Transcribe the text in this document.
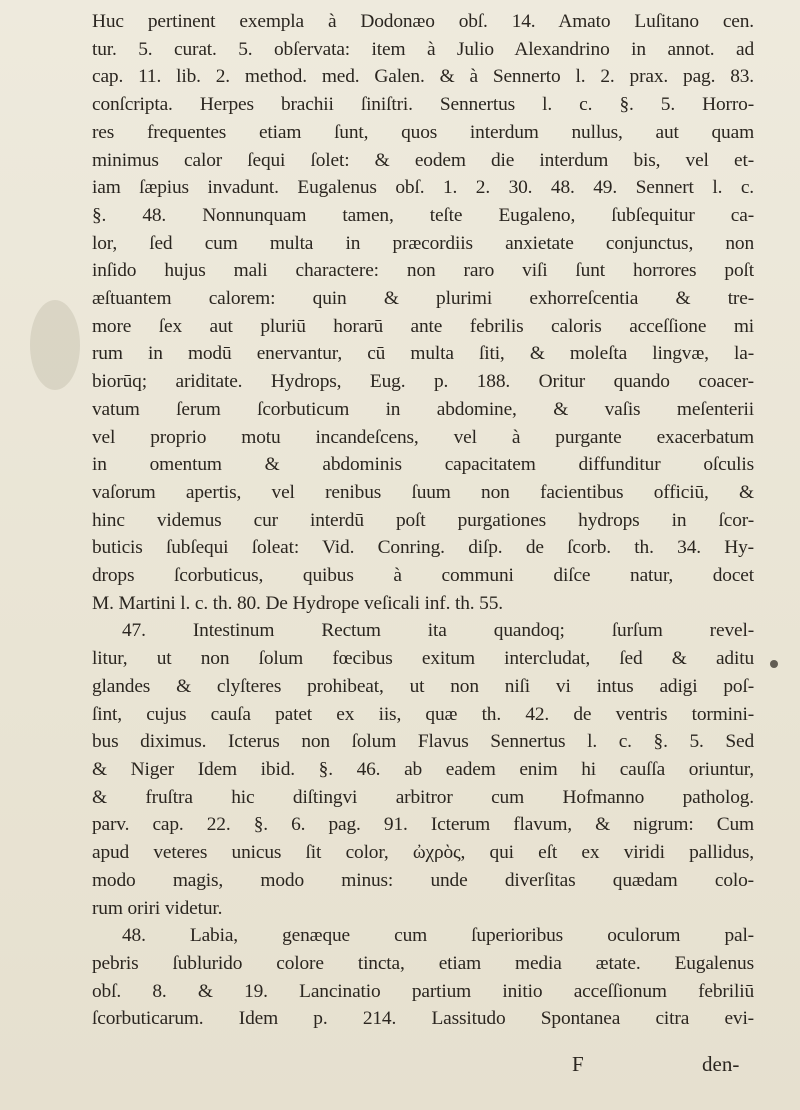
Huc pertinent exempla à Dodonæo obſ. 14. Amato Luſitano cen.
tur. 5. curat. 5. obſervata: item à Julio Alexandrino in annot. ad
cap. 11. lib. 2. method. med. Galen. & à Sennerto l. 2. prax. pag. 83.
conſcripta. Herpes brachii ſiniſtri. Sennertus l. c. §. 5. Horro-
res frequentes etiam ſunt, quos interdum nullus, aut quam
minimus calor ſequi ſolet: & eodem die interdum bis, vel et-
iam ſæpius invadunt. Eugalenus obſ. 1. 2. 30. 48. 49. Sennert l. c.
§. 48. Nonnunquam tamen, teſte Eugaleno, ſubſequitur ca-
lor, ſed cum multa in præcordiis anxietate conjunctus, non
inſido hujus mali charactere: non raro viſi ſunt horrores poſt
æſtuantem calorem: quin & plurimi exhorreſcentia & tre-
more ſex aut pluriū horarū ante febrilis caloris acceſſione mi
rum in modū enervantur, cū multa ſiti, & moleſta lingvæ, la-
biorūq; ariditate. Hydrops, Eug. p. 188. Oritur quando coacer-
vatum ſerum ſcorbuticum in abdomine, & vaſis meſenterii
vel proprio motu incandeſcens, vel à purgante exacerbatum
in omentum & abdominis capacitatem diffunditur oſculis
vaſorum apertis, vel renibus ſuum non facientibus officiū, &
hinc videmus cur interdū poſt purgationes hydrops in ſcor-
buticis ſubſequi ſoleat: Vid. Conring. diſp. de ſcorb. th. 34. Hy-
drops ſcorbuticus, quibus à communi diſce natur, docet
M. Martini l. c. th. 80. De Hydrope veſicali inf. th. 55.
47. Intestinum Rectum ita quandoq; ſurſum revel-
litur, ut non ſolum fœcibus exitum intercludat, ſed & aditu
glandes & clyſteres prohibeat, ut non niſi vi intus adigi poſ-
ſint, cujus cauſa patet ex iis, quæ th. 42. de ventris tormini-
bus diximus. Icterus non ſolum Flavus Sennertus l. c. §. 5. Sed
& Niger Idem ibid. §. 46. ab eadem enim hi cauſſa oriuntur,
& fruſtra hic diſtingvi arbitror cum Hofmanno patholog.
parv. cap. 22. §. 6. pag. 91. Icterum flavum, & nigrum: Cum
apud veteres unicus ſit color, ὠχρὸς, qui eſt ex viridi pallidus,
modo magis, modo minus: unde diverſitas quædam colo-
rum oriri videtur.
48. Labia, genæque cum ſuperioribus oculorum pal-
pebris ſublurido colore tincta, etiam media ætate. Eugalenus
obſ. 8. & 19. Lancinatio partium initio acceſſionum febriliū
ſcorbuticarum. Idem p. 214. Lassitudo Spontanea citra evi-
F	den-
